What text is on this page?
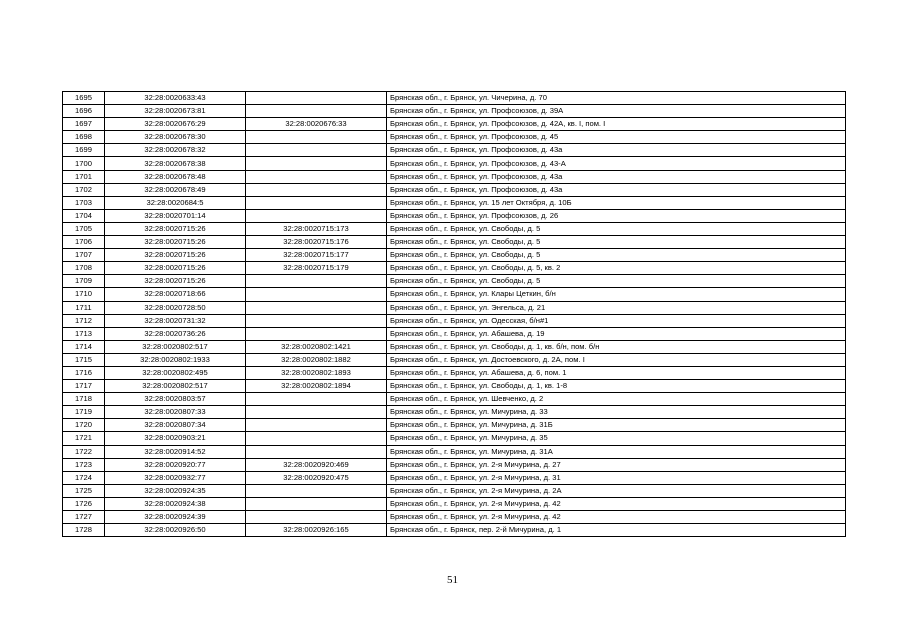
1695	32:28:0020633:43		Брянская обл., г. Брянск, ул. Чичерина, д. 70
1696	32:28:0020673:81		Брянская обл., г. Брянск, ул. Профсоюзов, д. 39А
1697	32:28:0020676:29	32:28:0020676:33	Брянская обл., г. Брянск, ул. Профсоюзов, д. 42А, кв. I, пом. I
1698	32:28:0020678:30		Брянская обл., г. Брянск, ул. Профсоюзов, д. 45
1699	32:28:0020678:32		Брянская обл., г. Брянск, ул. Профсоюзов, д. 43а
1700	32:28:0020678:38		Брянская обл., г. Брянск, ул. Профсоюзов, д. 43-А
1701	32:28:0020678:48		Брянская обл., г. Брянск, ул. Профсоюзов, д. 43а
1702	32:28:0020678:49		Брянская обл., г. Брянск, ул. Профсоюзов, д. 43а
1703	32:28:0020684:5		Брянская обл., г. Брянск, ул. 15 лет Октября, д. 10Б
1704	32:28:0020701:14		Брянская обл., г. Брянск, ул. Профсоюзов, д. 26
1705	32:28:0020715:26	32:28:0020715:173	Брянская обл., г. Брянск, ул. Свободы, д. 5
1706	32:28:0020715:26	32:28:0020715:176	Брянская обл., г. Брянск, ул. Свободы, д. 5
1707	32:28:0020715:26	32:28:0020715:177	Брянская обл., г. Брянск, ул. Свободы, д. 5
1708	32:28:0020715:26	32:28:0020715:179	Брянская обл., г. Брянск, ул. Свободы, д. 5, кв. 2
1709	32:28:0020715:26		Брянская обл., г. Брянск, ул. Свободы, д. 5
1710	32:28:0020718:66		Брянская обл., г. Брянск, ул. Клары Цеткин, б/н
1711	32:28:0020728:50		Брянская обл., г. Брянск, ул. Энгельса, д. 21
1712	32:28:0020731:32		Брянская обл., г. Брянск, ул. Одесская, б/н#1
1713	32:28:0020736:26		Брянская обл., г. Брянск, ул. Абашева, д. 19
1714	32:28:0020802:517	32:28:0020802:1421	Брянская обл., г. Брянск, ул. Свободы, д. 1, кв. б/н, пом. б/н
1715	32:28:0020802:1933	32:28:0020802:1882	Брянская обл., г. Брянск, ул. Достоевского, д. 2А, пом. I
1716	32:28:0020802:495	32:28:0020802:1893	Брянская обл., г. Брянск, ул. Абашева, д. 6, пом. 1
1717	32:28:0020802:517	32:28:0020802:1894	Брянская обл., г. Брянск, ул. Свободы, д. 1, кв. 1-8
1718	32:28:0020803:57		Брянская обл., г. Брянск, ул. Шевченко, д. 2
1719	32:28:0020807:33		Брянская обл., г. Брянск, ул. Мичурина, д. 33
1720	32:28:0020807:34		Брянская обл., г. Брянск, ул. Мичурина, д. 31Б
1721	32:28:0020903:21		Брянская обл., г. Брянск, ул. Мичурина, д. 35
1722	32:28:0020914:52		Брянская обл., г. Брянск, ул. Мичурина, д. 31А
1723	32:28:0020920:77	32:28:0020920:469	Брянская обл., г. Брянск, ул. 2-я Мичурина, д. 27
1724	32:28:0020932:77	32:28:0020920:475	Брянская обл., г. Брянск, ул. 2-я Мичурина, д. 31
1725	32:28:0020924:35		Брянская обл., г. Брянск, ул. 2-я Мичурина, д. 2А
1726	32:28:0020924:38		Брянская обл., г. Брянск, ул. 2-я Мичурина, д. 42
1727	32:28:0020924:39		Брянская обл., г. Брянск, ул. 2-я Мичурина, д. 42
1728	32:28:0020926:50	32:28:0020926:165	Брянская обл., г. Брянск, пер. 2-й Мичурина, д. 1
51
